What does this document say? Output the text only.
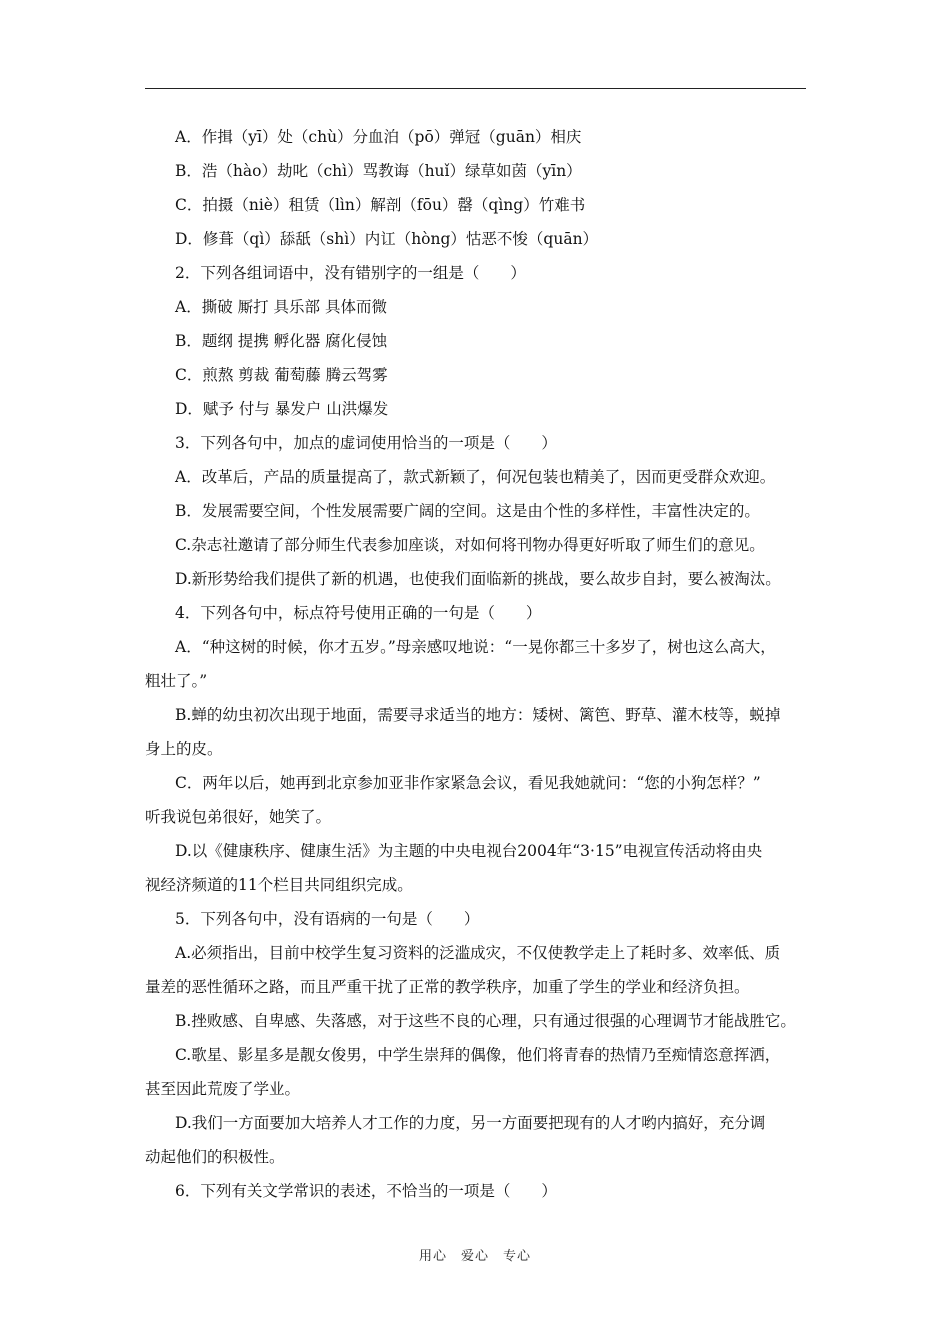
A．作揖（yī）处（chù）分血泊（pō）弹冠（guān）相庆
B．浩（hào）劫叱（chì）骂教诲（huǐ）绿草如茵（yīn）
C．拍摄（niè）租赁（lìn）解剖（fōu）罄（qìng）竹难书
D．修葺（qì）舔舐（shì）内讧（hòng）怙恶不悛（quān）
2．下列各组词语中，没有错别字的一组是（　　）
A．撕破 厮打 具乐部 具体而微
B．题纲 提携 孵化器 腐化侵蚀
C．煎熬 剪裁 葡萄藤 腾云驾雾
D．赋予 付与 暴发户 山洪爆发
3．下列各句中，加点的虚词使用恰当的一项是（　　）
A．改革后，产品的质量提高了，款式新颖了，何况包装也精美了，因而更受群众欢迎。
B．发展需要空间，个性发展需要广阔的空间。这是由个性的多样性，丰富性决定的。
C.杂志社邀请了部分师生代表参加座谈，对如何将刊物办得更好听取了师生们的意见。
D.新形势给我们提供了新的机遇，也使我们面临新的挑战，要么故步自封，要么被淘汰。
4．下列各句中，标点符号使用正确的一句是（　　）
A．“种这树的时候，你才五岁。”母亲感叹地说：“一晃你都三十多岁了，树也这么高大，
粗壮了。”
B.蝉的幼虫初次出现于地面，需要寻求适当的地方：矮树、篱笆、野草、灌木枝等，蜕掉
身上的皮。
C．两年以后，她再到北京参加亚非作家紧急会议，看见我她就问：“您的小狗怎样？”
听我说包弟很好，她笑了。
D.以《健康秩序、健康生活》为主题的中央电视台2004年“3·15”电视宣传活动将由央
视经济频道的11个栏目共同组织完成。
5．下列各句中，没有语病的一句是（　　）
A.必须指出，目前中校学生复习资料的泛滥成灾，不仅使教学走上了耗时多、效率低、质
量差的恶性循环之路，而且严重干扰了正常的教学秩序，加重了学生的学业和经济负担。
B.挫败感、自卑感、失落感，对于这些不良的心理，只有通过很强的心理调节才能战胜它。
C.歌星、影星多是靓女俊男，中学生崇拜的偶像，他们将青春的热情乃至痴情恣意挥洒，
甚至因此荒废了学业。
D.我们一方面要加大培养人才工作的力度，另一方面要把现有的人才哟内搞好，充分调
动起他们的积极性。
6．下列有关文学常识的表述，不恰当的一项是（　　）
用心　爱心　专心
